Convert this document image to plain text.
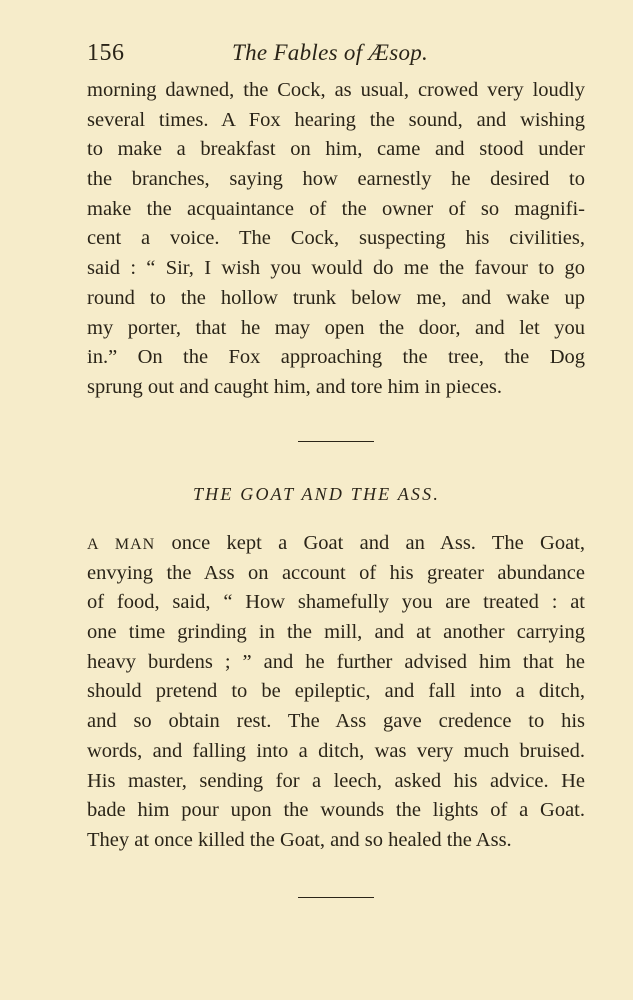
156	The Fables of Æsop.
morning dawned, the Cock, as usual, crowed very loudly
several times. A Fox hearing the sound, and wishing
to make a breakfast on him, came and stood under
the branches, saying how earnestly he desired to
make the acquaintance of the owner of so magnifi-
cent a voice. The Cock, suspecting his civilities,
said : “ Sir, I wish you would do me the favour to go
round to the hollow trunk below me, and wake up
my porter, that he may open the door, and let you
in.” On the Fox approaching the tree, the Dog
sprung out and caught him, and tore him in pieces.
THE GOAT AND THE ASS.
A MAN once kept a Goat and an Ass. The Goat,
envying the Ass on account of his greater abundance
of food, said, “ How shamefully you are treated : at
one time grinding in the mill, and at another carrying
heavy burdens ; ” and he further advised him that he
should pretend to be epileptic, and fall into a ditch,
and so obtain rest. The Ass gave credence to his
words, and falling into a ditch, was very much bruised.
His master, sending for a leech, asked his advice. He
bade him pour upon the wounds the lights of a Goat.
They at once killed the Goat, and so healed the Ass.
